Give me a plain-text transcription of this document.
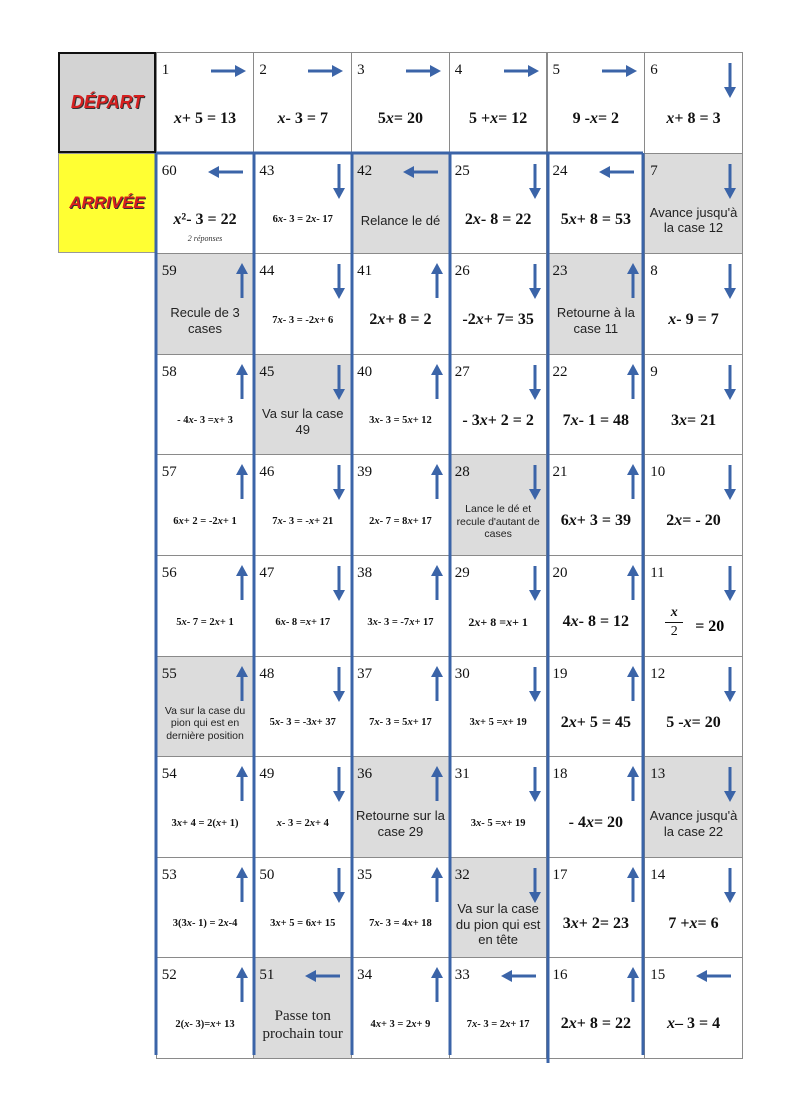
DÉPART
ARRIVÉE
1
x + 5 = 13
2
x - 3 = 7
3
5 x = 20
4
5 + x = 12
5
9 - x = 2
6
x + 8 = 3
60
x ²- 3 = 22
2 réponses
43
6 x - 3 = 2 x - 17
42
Relance le dé
25
2 x - 8 = 22
24
5 x + 8 = 53
7
Avance jusqu'à la case 12
59
Recule de 3 cases
44
7 x - 3 = -2 x + 6
41
2 x + 8 = 2
26
-2 x + 7= 35
23
Retourne à la case 11
8
x - 9 = 7
58
- 4 x - 3 = x + 3
45
Va sur la case 49
40
3 x - 3 = 5 x + 12
27
- 3 x + 2 = 2
22
7 x - 1 = 48
9
3 x = 21
57
6 x + 2 = -2 x + 1
46
7 x - 3 = - x + 21
39
2 x - 7 = 8 x + 17
28
Lance le dé et recule d'autant de cases
21
6 x + 3 = 39
10
2 x = - 20
56
5 x - 7 = 2 x + 1
47
6 x - 8 = x + 17
38
3 x - 3 = -7 x + 17
29
2 x + 8 = x + 1
20
4 x - 8 = 12
11
$\frac{x}{2} = 20$
55
Va sur la case du pion qui est en dernière position
48
5 x - 3 = -3 x + 37
37
7 x - 3 = 5 x + 17
30
3 x + 5 = x + 19
19
2 x + 5 = 45
12
5 - x = 20
54
3 x + 4 = 2( x + 1)
49
x - 3 = 2 x + 4
36
Retourne sur la case 29
31
3 x - 5 = x + 19
18
- 4 x = 20
13
Avance jusqu'à la case 22
53
3(3 x - 1) = 2 x -4
50
3 x + 5 = 6 x + 15
35
7 x - 3 = 4 x + 18
32
Va sur la case du pion qui est en tête
17
3 x + 2= 23
14
7 + x = 6
52
2( x - 3)= x + 13
51
Passe ton prochain tour
34
4 x + 3 = 2 x + 9
33
7 x - 3 = 2 x + 17
16
2 x + 8 = 22
15
x – 3 = 4
